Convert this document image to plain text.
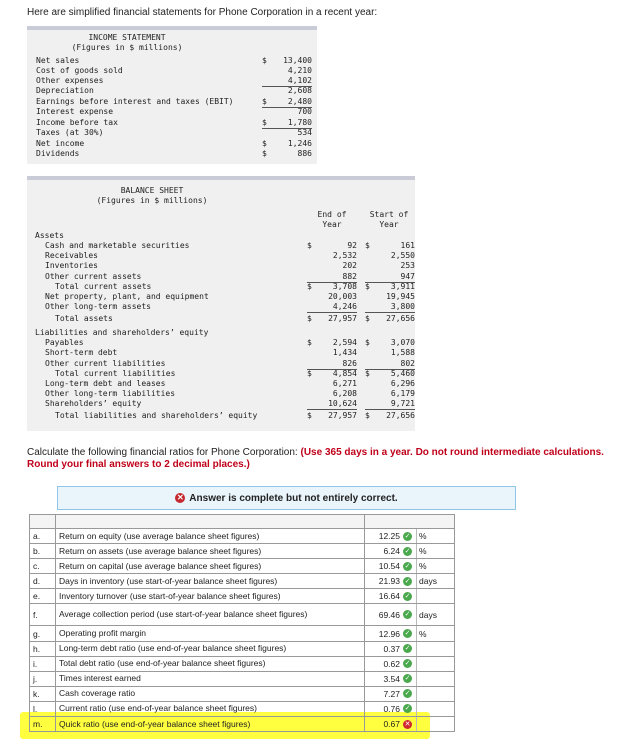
Here are simplified financial statements for Phone Corporation in a recent year:
INCOME STATEMENT
(Figures in $ millions)
Net sales	$ 13,400
Cost of goods sold	4,210
Other expenses	4,102
Depreciation	2,608
Earnings before interest and taxes (EBIT)	$	2,480
Interest expense	700
Income before tax	$	1,780
Taxes (at 30%)	534
Net income	$	1,246
Dividends	$	886
BALANCE SHEET
(Figures in $ millions)
End of
Year
Start of
Year
Assets
Cash and marketable securities	$	92 $	161
Receivables	2,532	2,550
Inventories	202	253
Other current assets	882	947
Total current assets	$	3,708 $	3,911
Net property, plant, and equipment	20,003	19,945
Other long-term assets	4,246	3,800
Total assets	$ 27,957 $ 27,656
Liabilities and shareholders’ equity
Payables	$	2,594 $	3,070
Short-term debt	1,434	1,588
Other current liabilities	826	802
Total current liabilities	$	4,854 $	5,460
Long-term debt and leases	6,271	6,296
Other long-term liabilities	6,208	6,179
Shareholders’ equity	10,624	9,721
Total liabilities and shareholders’ equity	$ 27,957 $ 27,656
Calculate the following financial ratios for Phone Corporation: (Use 365 days in a year. Do not round intermediate calculations. Round your final answers to 2 decimal places.)
✕ Answer is complete but not entirely correct.
a.	Return on equity (use average balance sheet figures)	12.25 ✓	%
b.	Return on assets (use average balance sheet figures)	6.24 ✓	%
c.	Return on capital (use average balance sheet figures)	10.54 ✓	%
d.	Days in inventory (use start-of-year balance sheet figures)	21.93 ✓	days
e.	Inventory turnover (use start-of-year balance sheet figures)	16.64 ✓
f.	Average collection period (use start-of-year balance sheet figures)	69.46 ✓	days
g.	Operating profit margin	12.96 ✓	%
h.	Long-term debt ratio (use end-of-year balance sheet figures)	0.37 ✓
i.	Total debt ratio (use end-of-year balance sheet figures)	0.62 ✓
j.	Times interest earned	3.54 ✓
k.	Cash coverage ratio	7.27 ✓
l.	Current ratio (use end-of-year balance sheet figures)	0.76 ✓
m.	Quick ratio (use end-of-year balance sheet figures)	0.67 ✕
